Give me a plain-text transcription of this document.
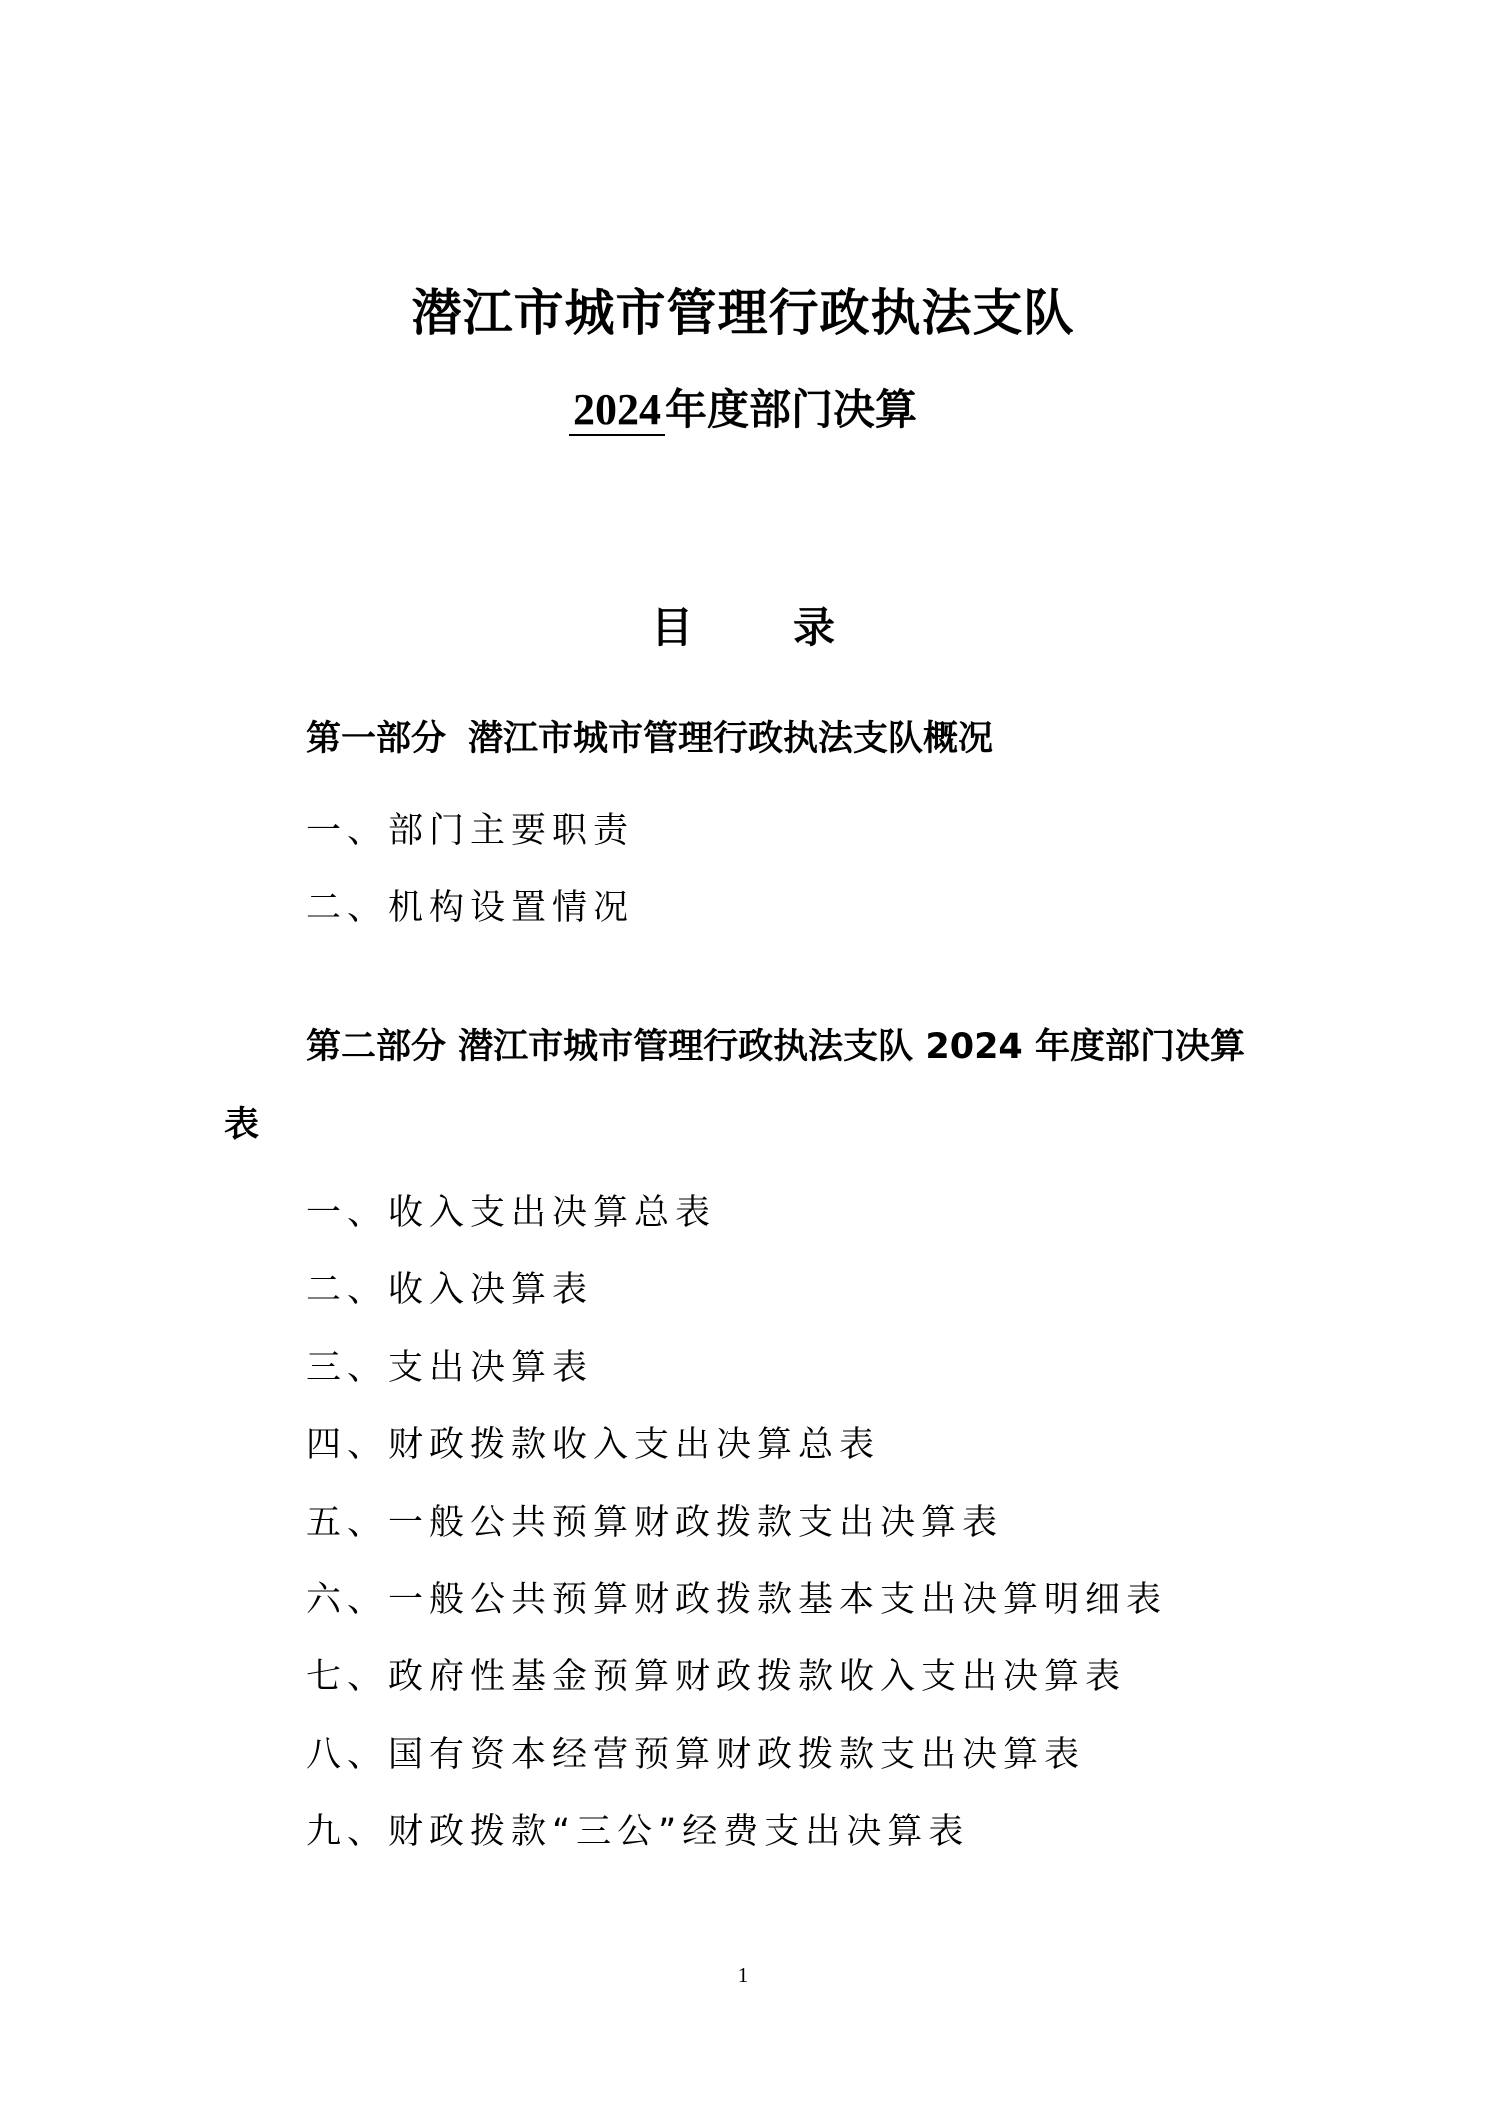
潜江市城市管理行政执法支队
2024年度部门决算
目录
第一部分 潜江市城市管理行政执法支队概况
一、部门主要职责
二、机构设置情况
第二部分 潜江市城市管理行政执法支队 2024 年度部门决算表
一、收入支出决算总表
二、收入决算表
三、支出决算表
四、财政拨款收入支出决算总表
五、一般公共预算财政拨款支出决算表
六、一般公共预算财政拨款基本支出决算明细表
七、政府性基金预算财政拨款收入支出决算表
八、国有资本经营预算财政拨款支出决算表
九、财政拨款“三公”经费支出决算表
1
